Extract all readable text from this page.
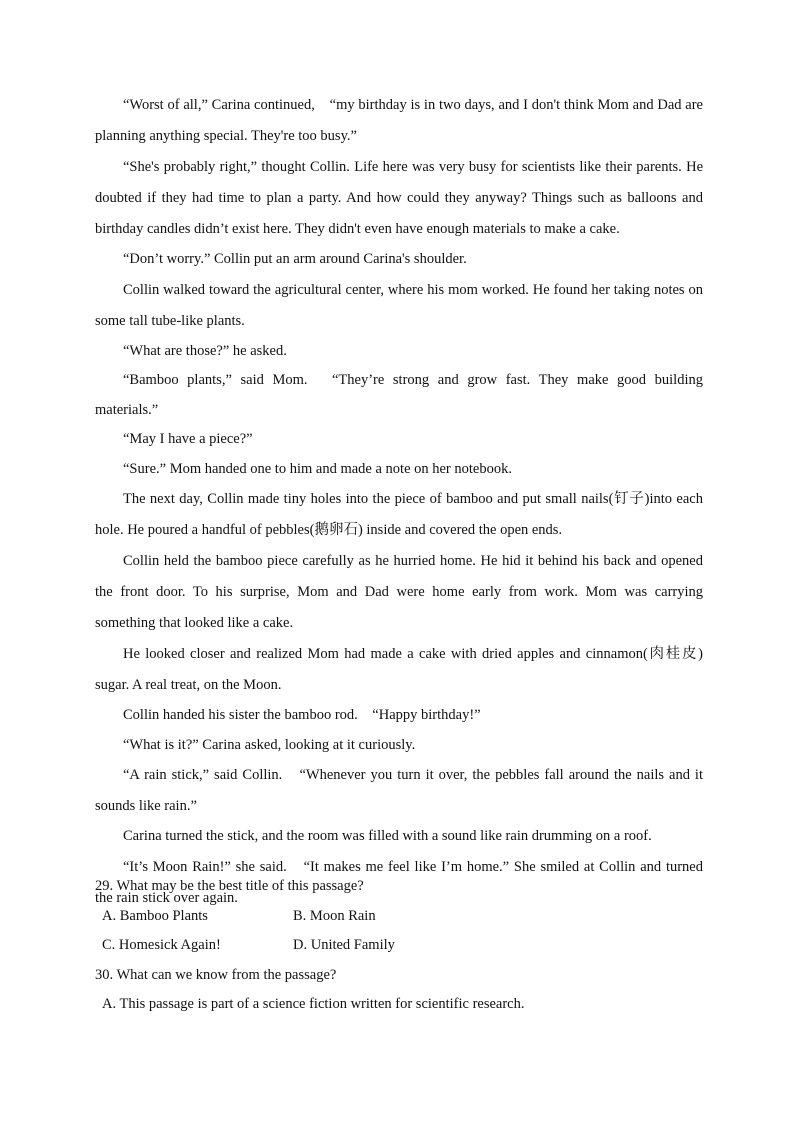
“Worst of all,” Carina continued,　“my birthday is in two days, and I don't think Mom and Dad are planning anything special. They're too busy.”

“She's probably right,” thought Collin. Life here was very busy for scientists like their parents. He doubted if they had time to plan a party. And how could they anyway? Things such as balloons and birthday candles didn’t exist here. They didn't even have enough materials to make a cake.

“Don’t worry.” Collin put an arm around Carina's shoulder.

Collin walked toward the agricultural center, where his mom worked. He found her taking notes on some tall tube-like plants.

“What are those?” he asked.

“Bamboo plants,” said Mom.　“They’re strong and grow fast. They make good building materials.”

“May I have a piece?”

“Sure.” Mom handed one to him and made a note on her notebook.

The next day, Collin made tiny holes into the piece of bamboo and put small nails(钉子)into each hole. He poured a handful of pebbles(鹅卵石) inside and covered the open ends.

Collin held the bamboo piece carefully as he hurried home. He hid it behind his back and opened the front door. To his surprise, Mom and Dad were home early from work. Mom was carrying something that looked like a cake.

He looked closer and realized Mom had made a cake with dried apples and cinnamon(肉桂皮) sugar. A real treat, on the Moon.

Collin handed his sister the bamboo rod.　“Happy birthday!”

“What is it?” Carina asked, looking at it curiously.

“A rain stick,” said Collin.　“Whenever you turn it over, the pebbles fall around the nails and it sounds like rain.”

Carina turned the stick, and the room was filled with a sound like rain drumming on a roof.

“It’s Moon Rain!” she said.　“It makes me feel like I’m home.” She smiled at Collin and turned the rain stick over again.

29. What may be the best title of this passage?

A. Bamboo Plants	B. Moon Rain
C. Homesick Again!	D. United Family

30. What can we know from the passage?

A. This passage is part of a science fiction written for scientific research.
